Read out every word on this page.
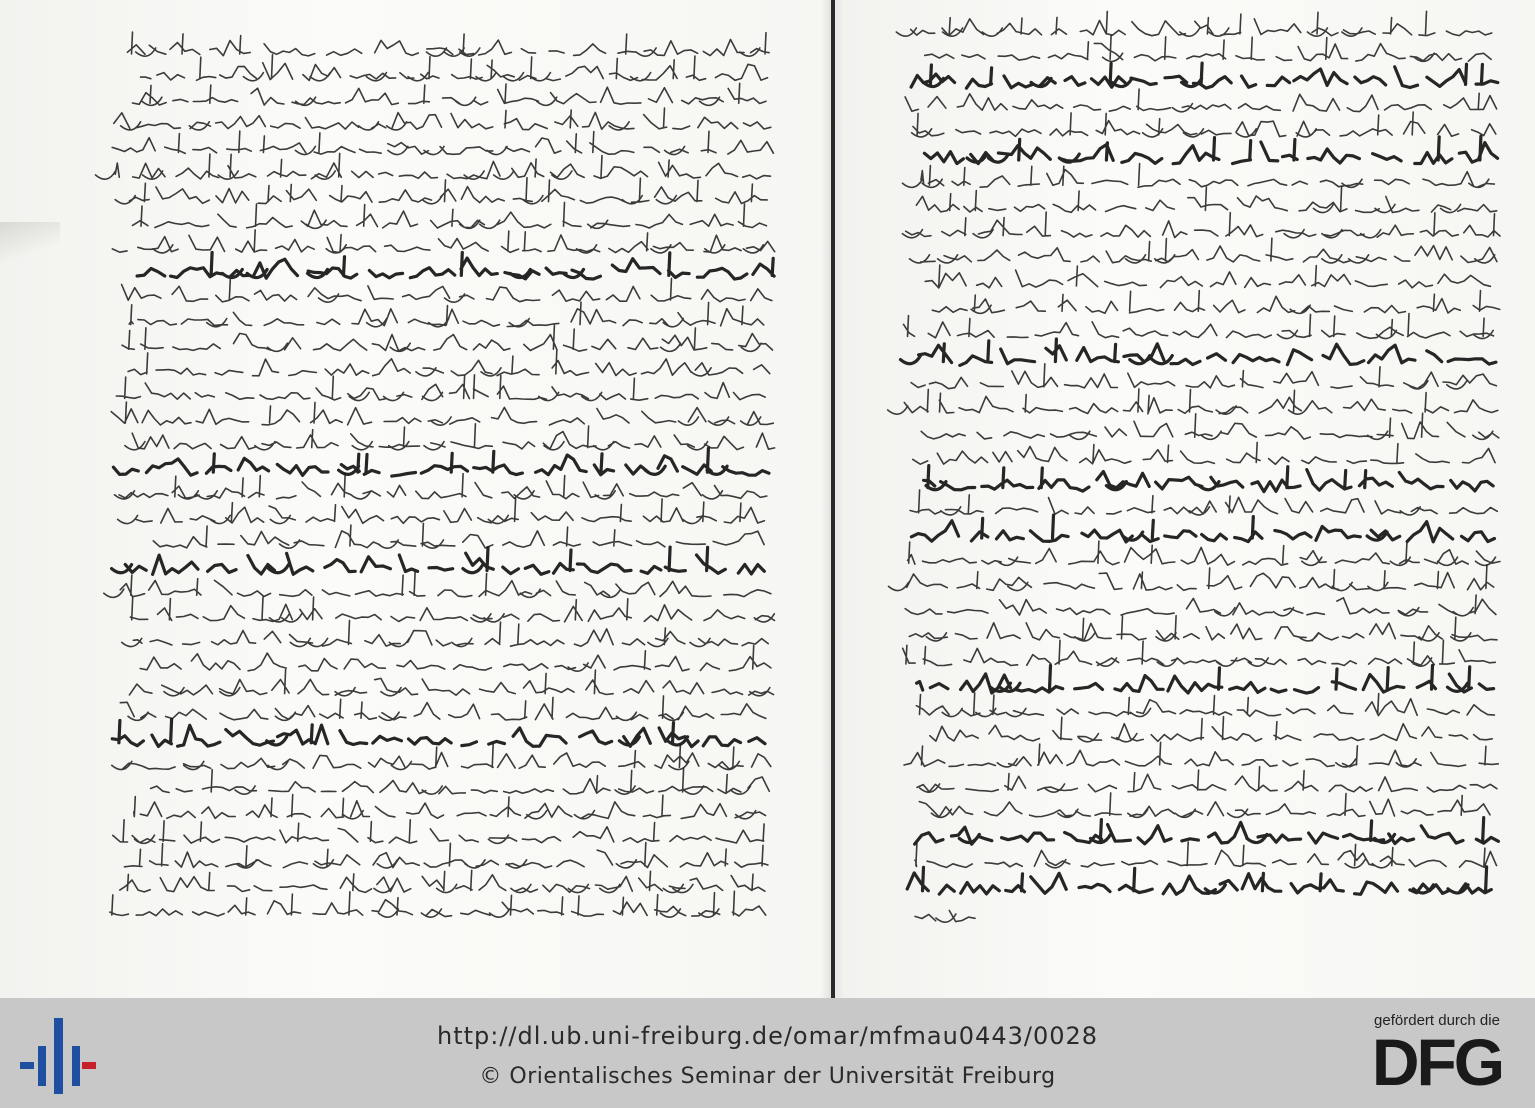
http://dl.ub.uni-freiburg.de/omar/mfmau0443/0028
© Orientalisches Seminar der Universität Freiburg
gefördert durch die
DFG
